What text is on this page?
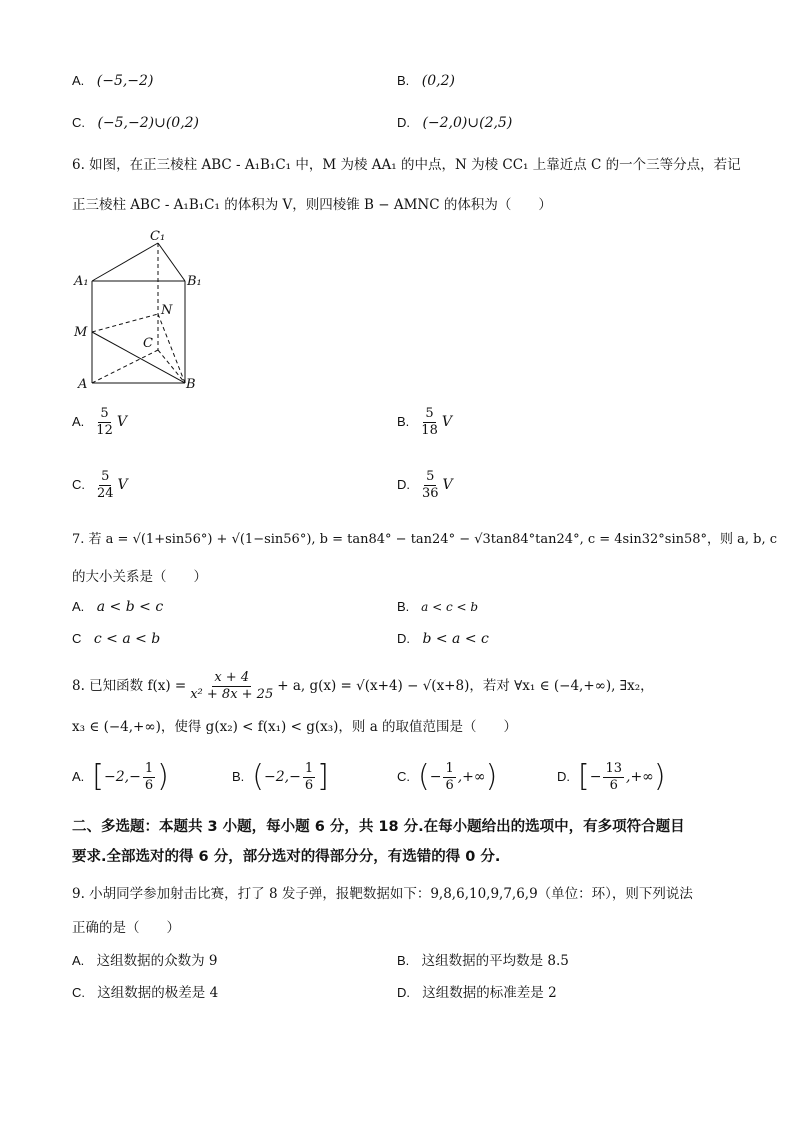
A. (−5,−2)	B. (0,2)
C. (−5,−2)∪(0,2)	D. (−2,0)∪(2,5)
6. 如图，在正三棱柱 ABC - A₁B₁C₁ 中，M 为棱 AA₁ 的中点，N 为棱 CC₁ 上靠近点 C 的一个三等分点，若记
正三棱柱 ABC - A₁B₁C₁ 的体积为 V，则四棱锥 B − AMNC 的体积为（　　）
C₁
A₁	B₁
N
M
C
A	B
A. $\frac{5}{12}$ V	B. $\frac{5}{18}$ V
C. $\frac{5}{24}$ V	D. $\frac{5}{36}$ V
7. 若 a = √(1+sin56°) + √(1−sin56°), b = tan84° − tan24° − √3tan84°tan24°, c = 4sin32°sin58°，则 a, b, c
的大小关系是（　　）
A. a < b < c	B. a < c < b
C c < a < b	D. b < a < c
8. 已知函数 $f(x) = \frac{x + 4}{\text{x² + 8x + 25}} + a$, g(x) = √(x+4) − √(x+8)，若对 ∀x₁ ∈ (−4,+∞), ∃x₂，
x₃ ∈ (−4,+∞)，使得 g(x₂) < f(x₁) < g(x₃)，则 a 的取值范围是（　　）
A. [ $-2,- \frac{1}{6}$ )	B. ( $-2,- \frac{1}{6}$ ]	C. ( − $\frac{1}{6}$ ,+∞ )	D. [ − $\frac{13}{6}$ ,+∞ )
二、多选题：本题共 3 小题，每小题 6 分，共 18 分.在每小题给出的选项中，有多项符合题目
要求.全部选对的得 6 分，部分选对的得部分分，有选错的得 0 分.
9. 小胡同学参加射击比赛，打了 8 发子弹，报靶数据如下：9,8,6,10,9,7,6,9（单位：环），则下列说法
正确的是（　　）
A. 这组数据的众数为 9	B. 这组数据的平均数是 8.5
C. 这组数据的极差是 4	D. 这组数据的标准差是 2
